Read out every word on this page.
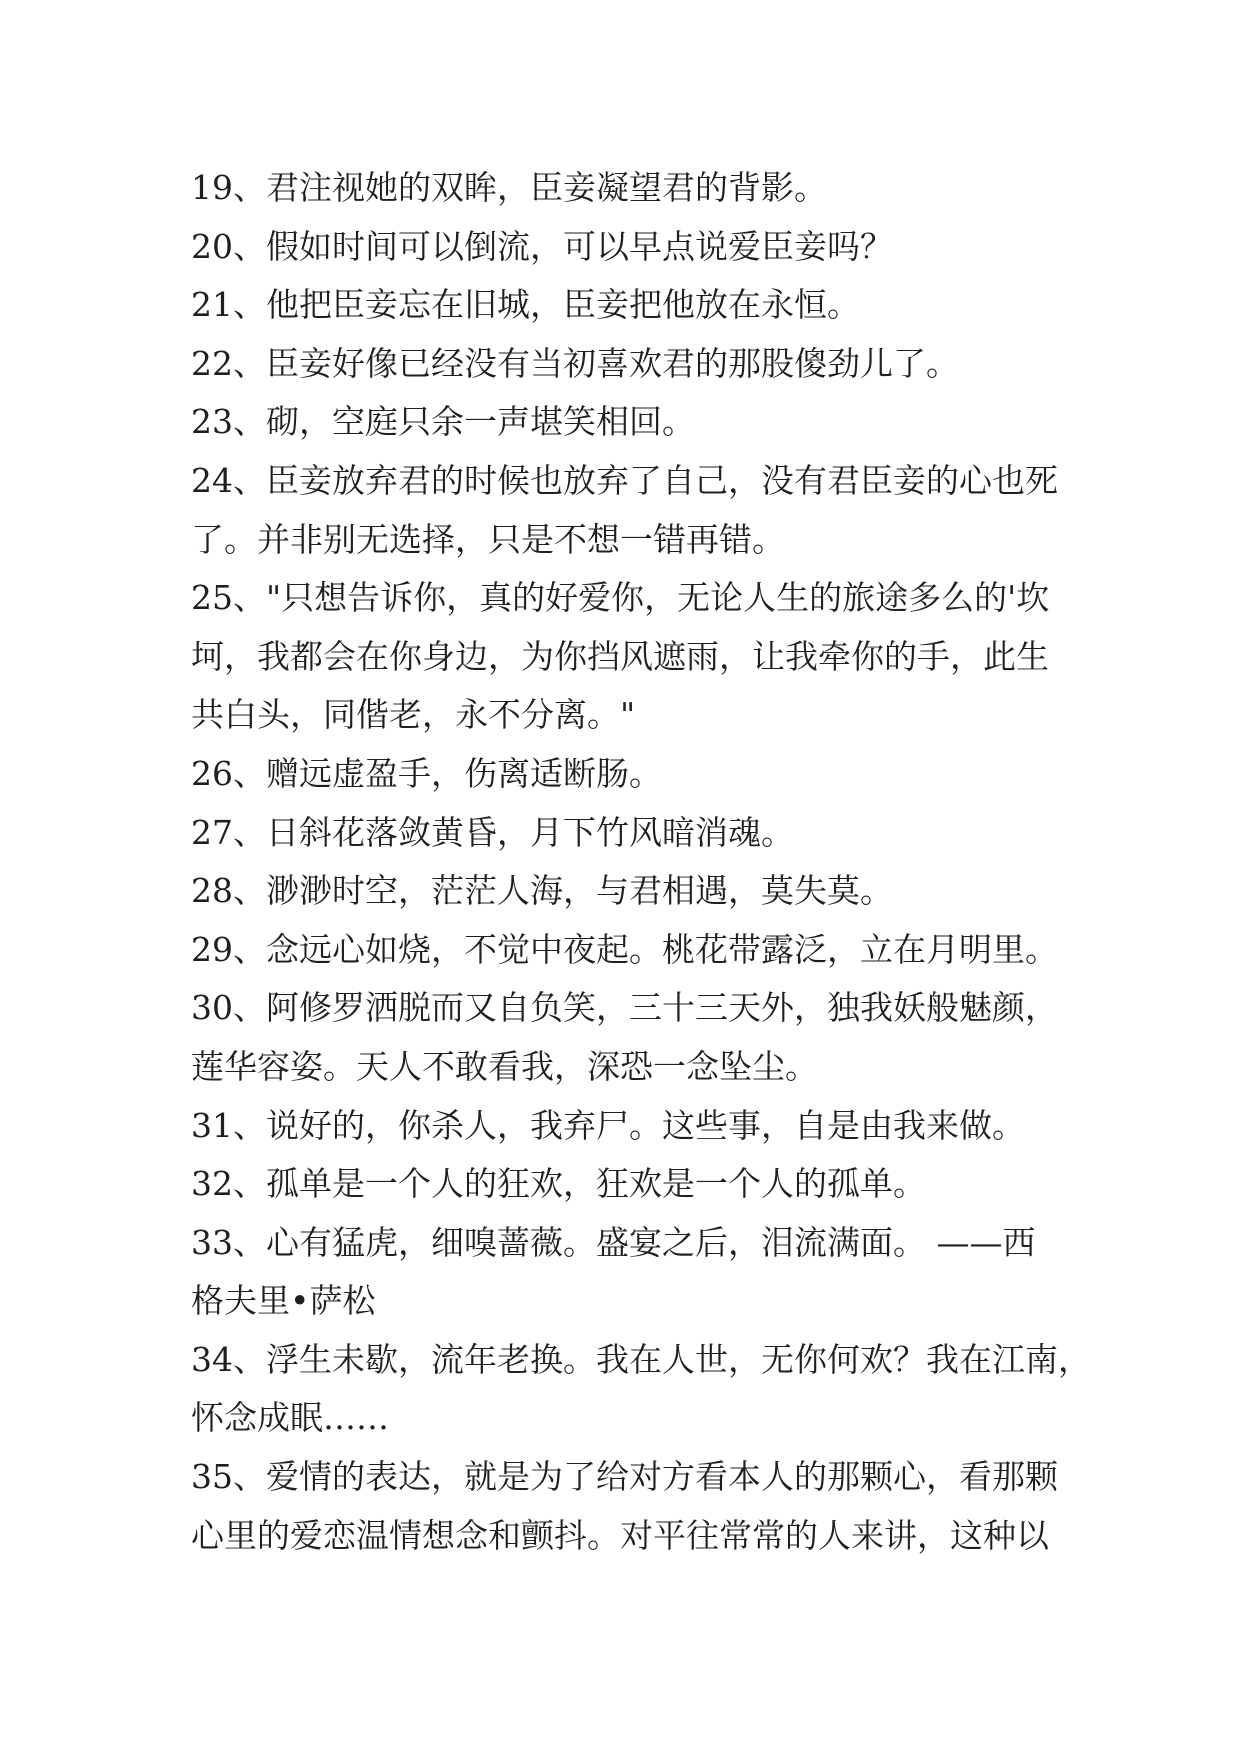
19、君注视她的双眸，臣妾凝望君的背影。
20、假如时间可以倒流，可以早点说爱臣妾吗？
21、他把臣妾忘在旧城，臣妾把他放在永恒。
22、臣妾好像已经没有当初喜欢君的那股傻劲儿了。
23、砌，空庭只余一声堪笑相回。
24、臣妾放弃君的时候也放弃了自己，没有君臣妾的心也死
了。并非别无选择，只是不想一错再错。
25、"只想告诉你，真的好爱你，无论人生的旅途多么的'坎
坷，我都会在你身边，为你挡风遮雨，让我牵你的手，此生
共白头，同偕老，永不分离。"
26、赠远虚盈手，伤离适断肠。
27、日斜花落敛黄昏，月下竹风暗消魂。
28、渺渺时空，茫茫人海，与君相遇，莫失莫。
29、念远心如烧，不觉中夜起。桃花带露泛，立在月明里。
30、阿修罗洒脱而又自负笑，三十三天外，独我妖般魅颜，
莲华容姿。天人不敢看我，深恐一念坠尘。
31、说好的，你杀人，我弃尸。这些事，自是由我来做。
32、孤单是一个人的狂欢，狂欢是一个人的孤单。
33、心有猛虎，细嗅蔷薇。盛宴之后，泪流满面。 ——西
格夫里•萨松
34、浮生未歇，流年老换。我在人世，无你何欢？我在江南，
怀念成眠……
35、爱情的表达，就是为了给对方看本人的那颗心，看那颗
心里的爱恋温情想念和颤抖。对平往常常的人来讲，这种以
